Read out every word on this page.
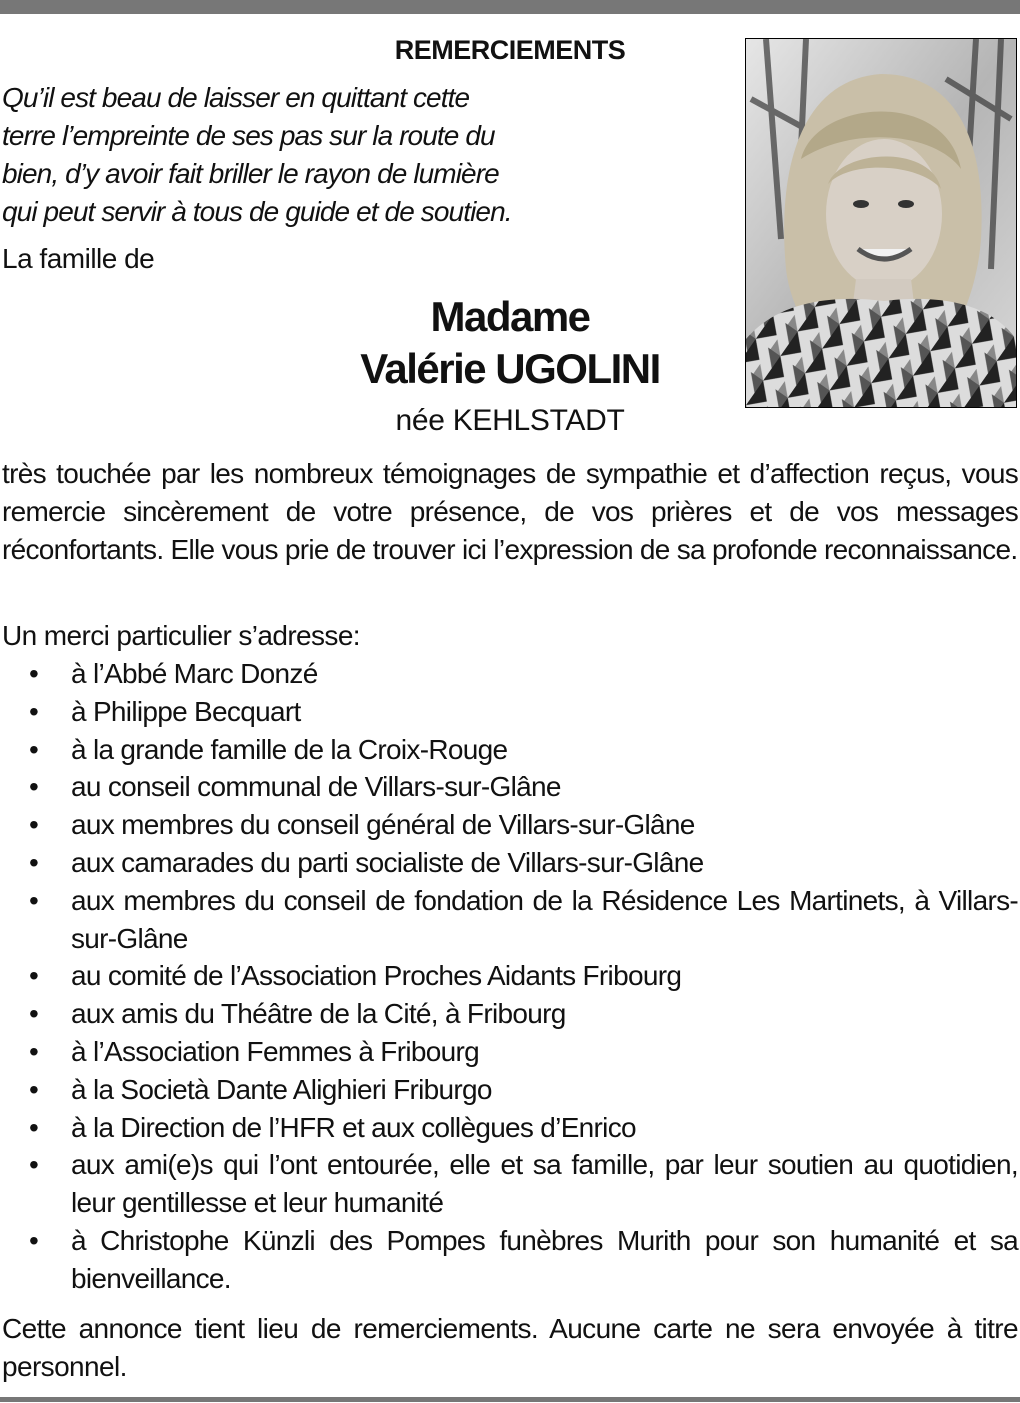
REMERCIEMENTS

Qu’il est beau de laisser en quittant cette

terre l’empreinte de ses pas sur la route du

bien, d’y avoir fait briller le rayon de lumière

qui peut servir à tous de guide et de soutien.

La famille de
Madame
Valérie UGOLINI
née KEHLSTADT

très touchée par les nombreux témoignages de sympathie et d’affection reçus, vous remercie sincèrement de votre présence, de vos prières et de vos messages réconfortants. Elle vous prie de trouver ici l’expression de sa profonde reconnaissance.

Un merci particulier s’adresse:
• à l’Abbé Marc Donzé
• à Philippe Becquart
• à la grande famille de la Croix-Rouge
• au conseil communal de Villars-sur-Glâne
• aux membres du conseil général de Villars-sur-Glâne
• aux camarades du parti socialiste de Villars-sur-Glâne
• aux membres du conseil de fondation de la Résidence Les Martinets, à Villars-sur-Glâne
• au comité de l’Association Proches Aidants Fribourg
• aux amis du Théâtre de la Cité, à Fribourg
• à l’Association Femmes à Fribourg
• à la Società Dante Alighieri Friburgo
• à la Direction de l’HFR et aux collègues d’Enrico
• aux ami(e)s qui l’ont entourée, elle et sa famille, par leur soutien au quotidien, leur gentillesse et leur humanité
• à Christophe Künzli des Pompes funèbres Murith pour son humanité et sa bienveillance.

Cette annonce tient lieu de remerciements. Aucune carte ne sera envoyée à titre personnel.
